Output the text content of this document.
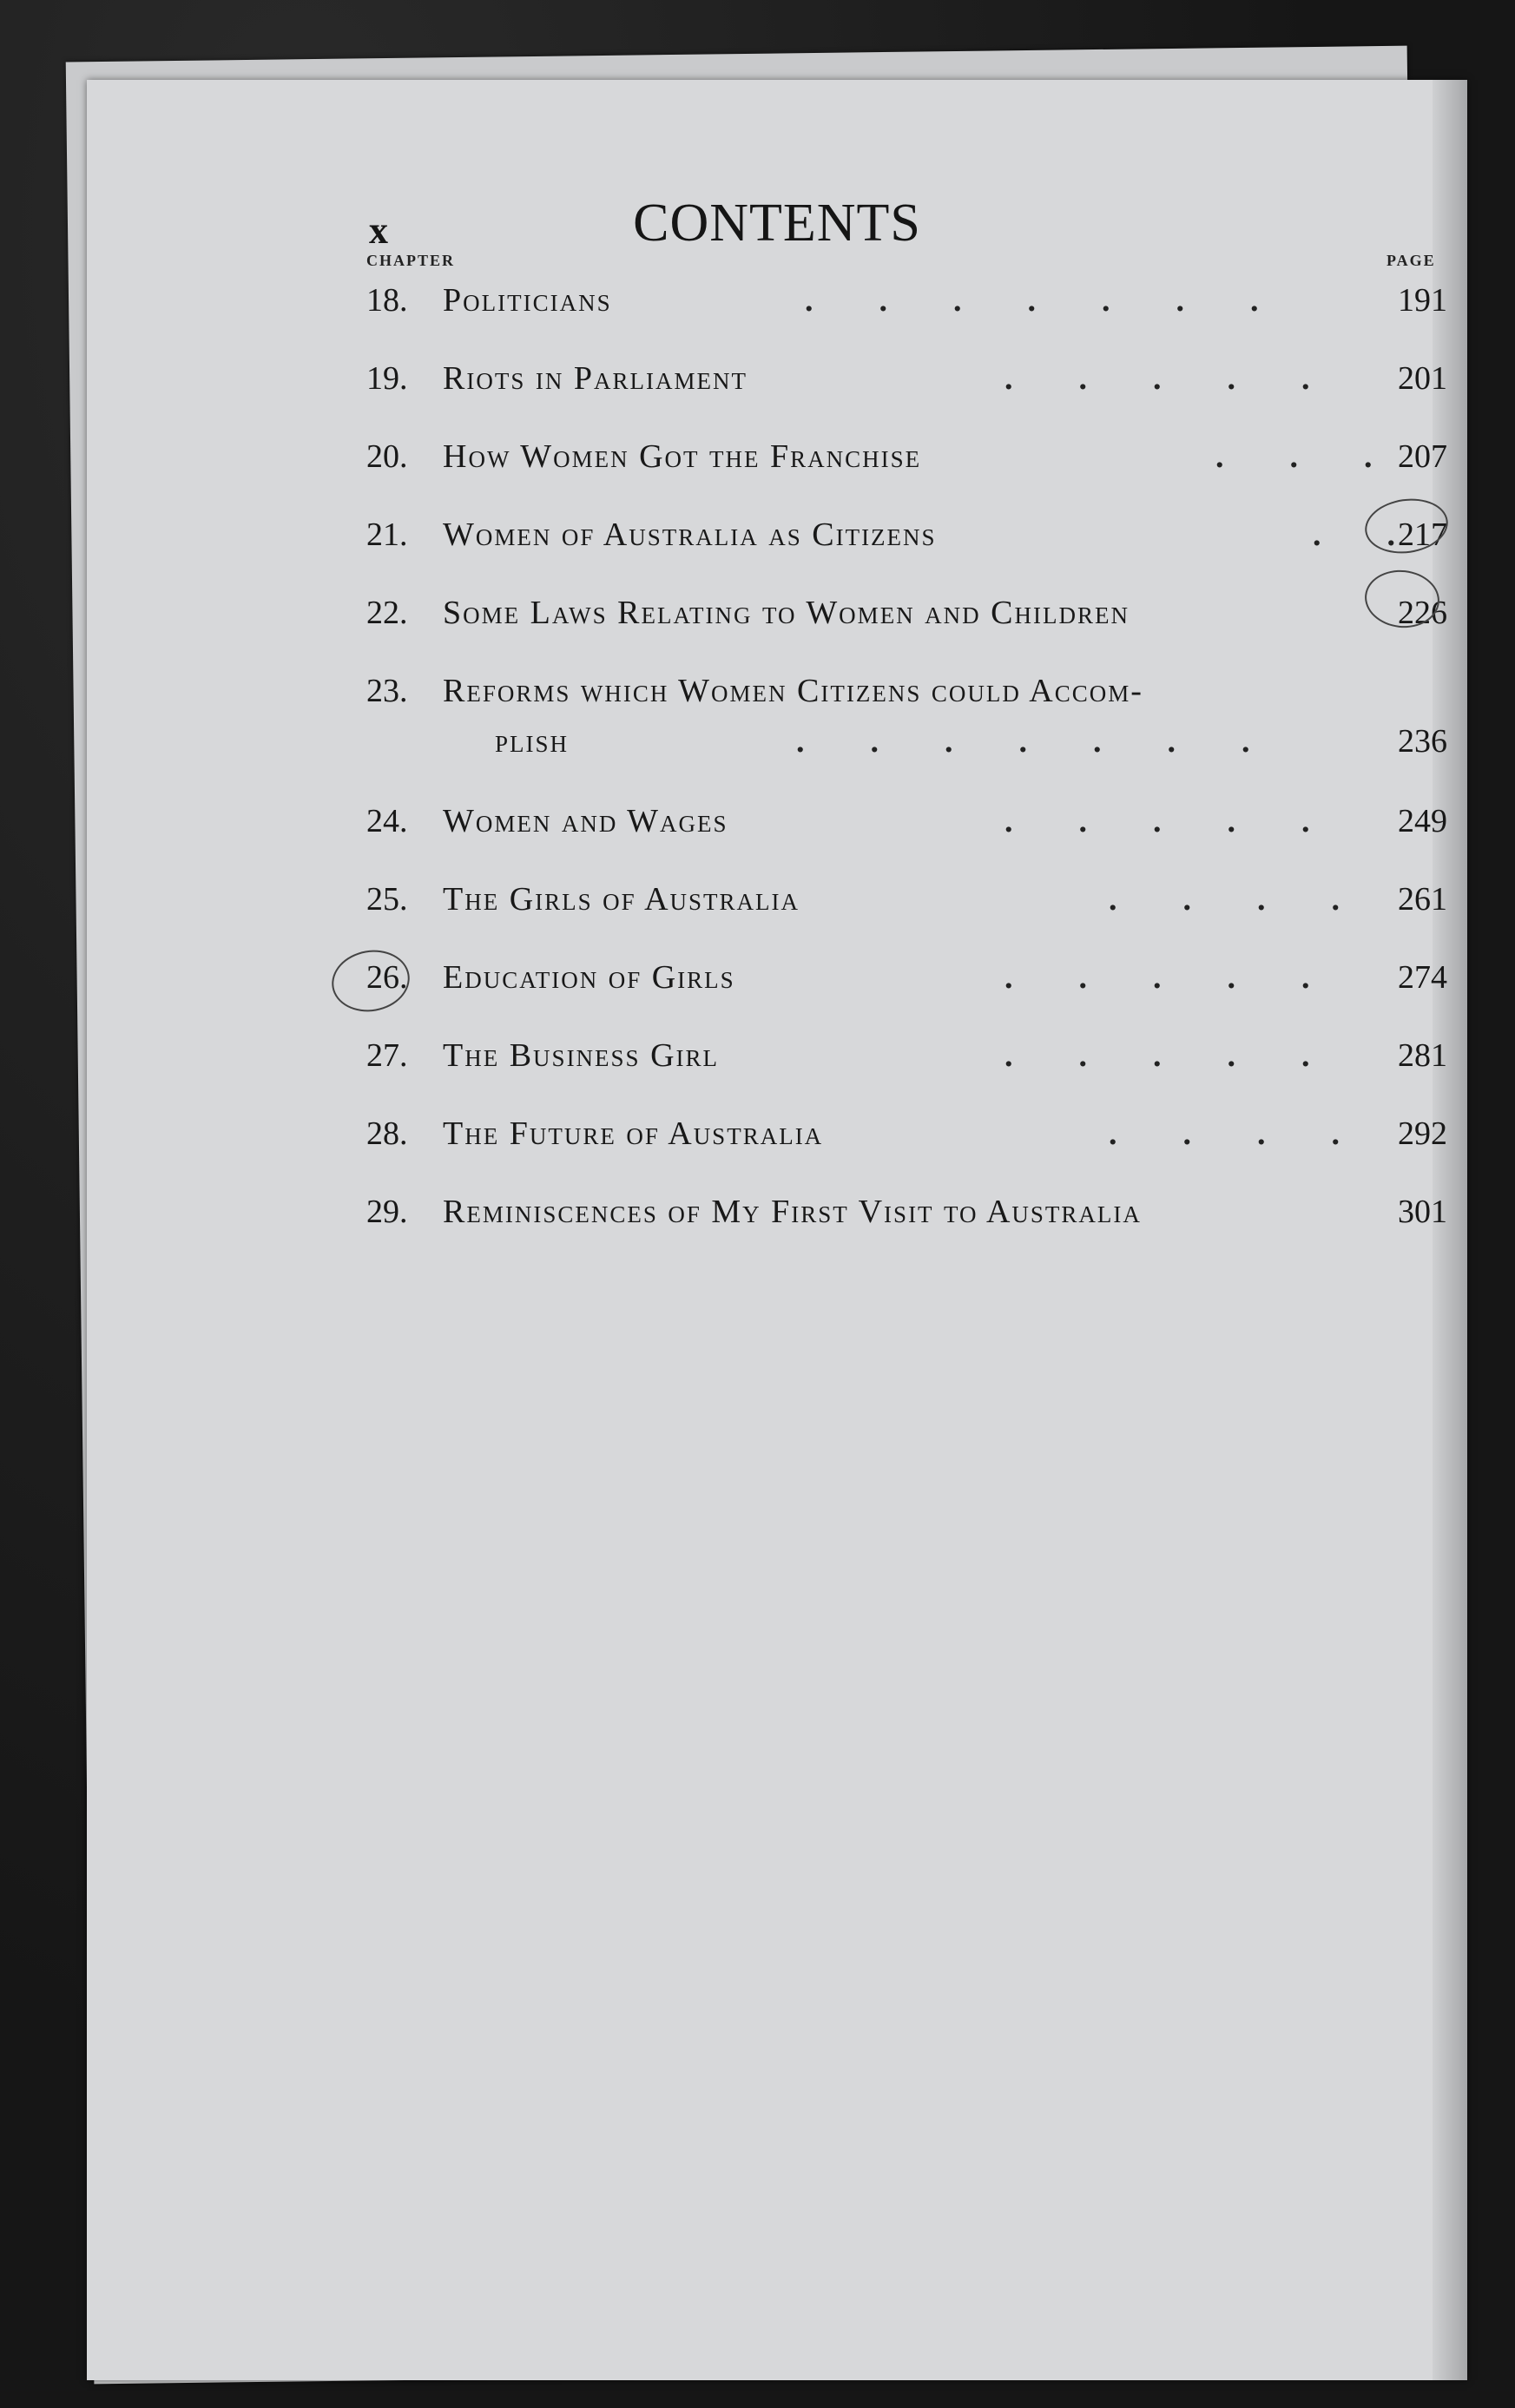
x	CONTENTS
CHAPTER	PAGE
18. Politicians	.        .        .        .        .        .        .	191
19. Riots in Parliament	.        .        .        .        .	201
20. How Women Got the Franchise	.        .        . 207
21. Women of Australia as Citizens	.        . 217
22. Some Laws Relating to Women and Children	226
23. Reforms which Women Citizens could Accom-
plish	.        .        .        .        .        .        .	236
24. Women and Wages	.        .        .        .        .	249
25. The Girls of Australia	.        .        .        . 261
26. Education of Girls	.        .        .        .        .	274
27. The Business Girl	.        .        .        .        .	281
28. The Future of Australia	.        .        .        . 292
29. Reminiscences of My First Visit to Australia	301
